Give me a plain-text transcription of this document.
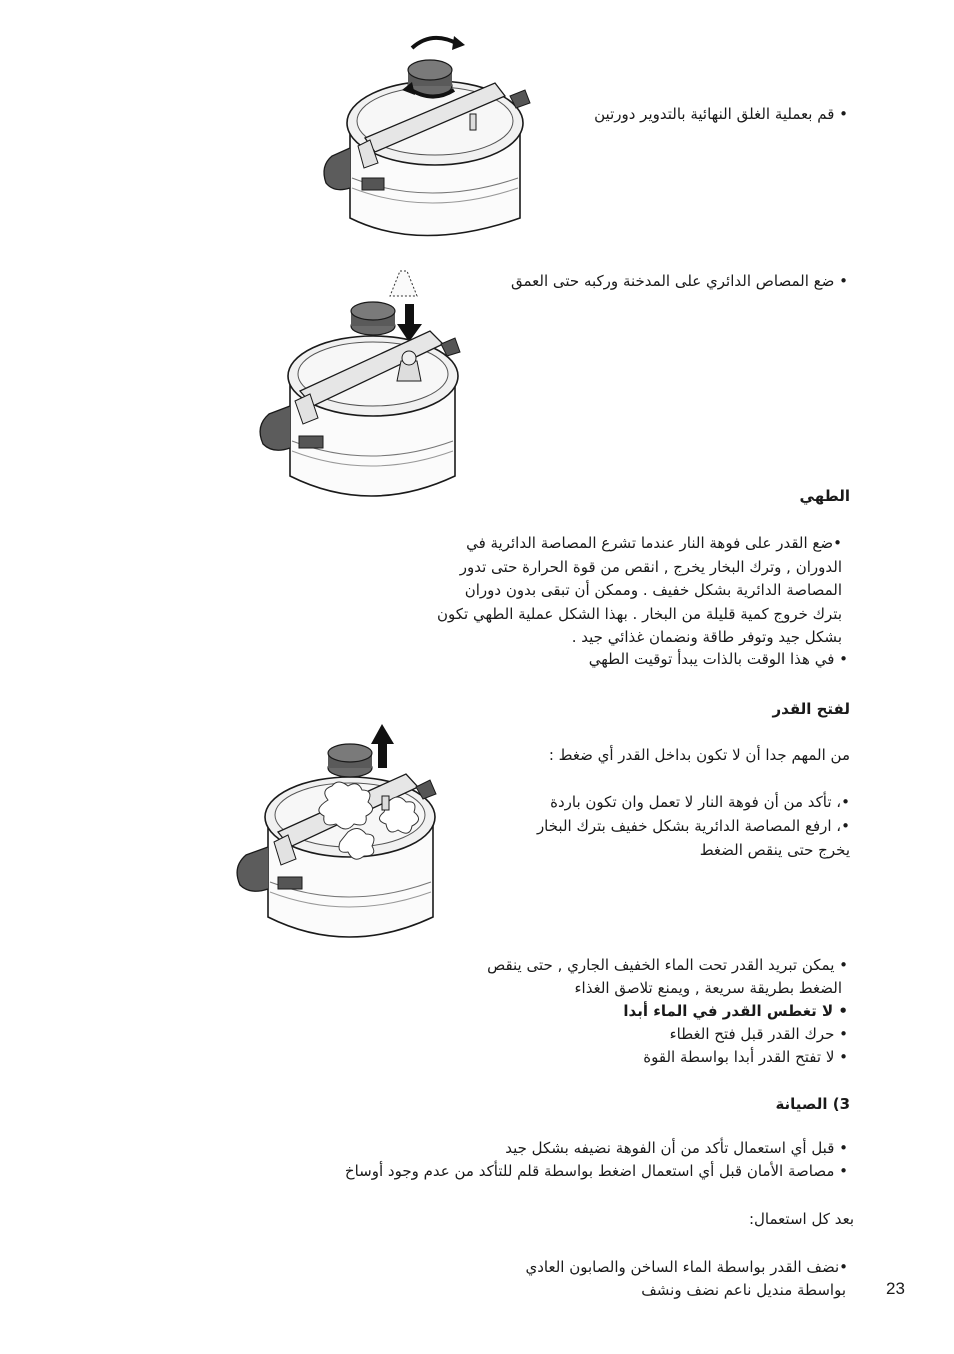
• قم بعملية الغلق النهائية بالتدوير دورتين
• ضع المصاص الدائري على المدخنة وركبه حتى العمق
الطهي
•ضع القدر على فوهة النار عندما تشرع المصاصة الدائرية في
الدوران , وترك البخار يخرج , انقص من قوة الحرارة حتى تدور
المصاصة الدائرية بشكل خفيف . وممكن أن تبقى بدون دوران
بترك خروج كمية قليلة من البخار . بهذا الشكل عملية الطهي تكون
بشكل جيد وتوفر طاقة ونضمان غذائي جيد .
• في هذا الوقت بالذات يبدأ توقيت الطهي
لفتح القدر
من المهم جدا أن لا تكون بداخل القدر أي ضغط :
•، تأكد من أن فوهة النار لا تعمل وان تكون باردة
•، ارفع المصاصة الدائرية بشكل خفيف بترك البخار
يخرج حتى ينقص الضغط
• يمكن تبريد القدر تحت الماء الخفيف الجاري , حتى ينقص
الضغط بطريقة سريعة , ويمنع تلاصق الغذاء
• لا تغطس القدر في الماء أبدا
• حرك القدر قبل فتح الغطاء
• لا تفتح القدر أبدا بواسطة القوة
3) الصيانة
• قبل أي استعمال تأكد من أن الفوهة نضيفه بشكل جيد
• مصاصة الأمان قبل أي استعمال اضغط بواسطة قلم للتأكد من عدم وجود أوساخ
بعد كل استعمال:
•نضف القدر بواسطة الماء الساخن والصابون العادي
بواسطة منديل ناعم نضف ونشف 23
